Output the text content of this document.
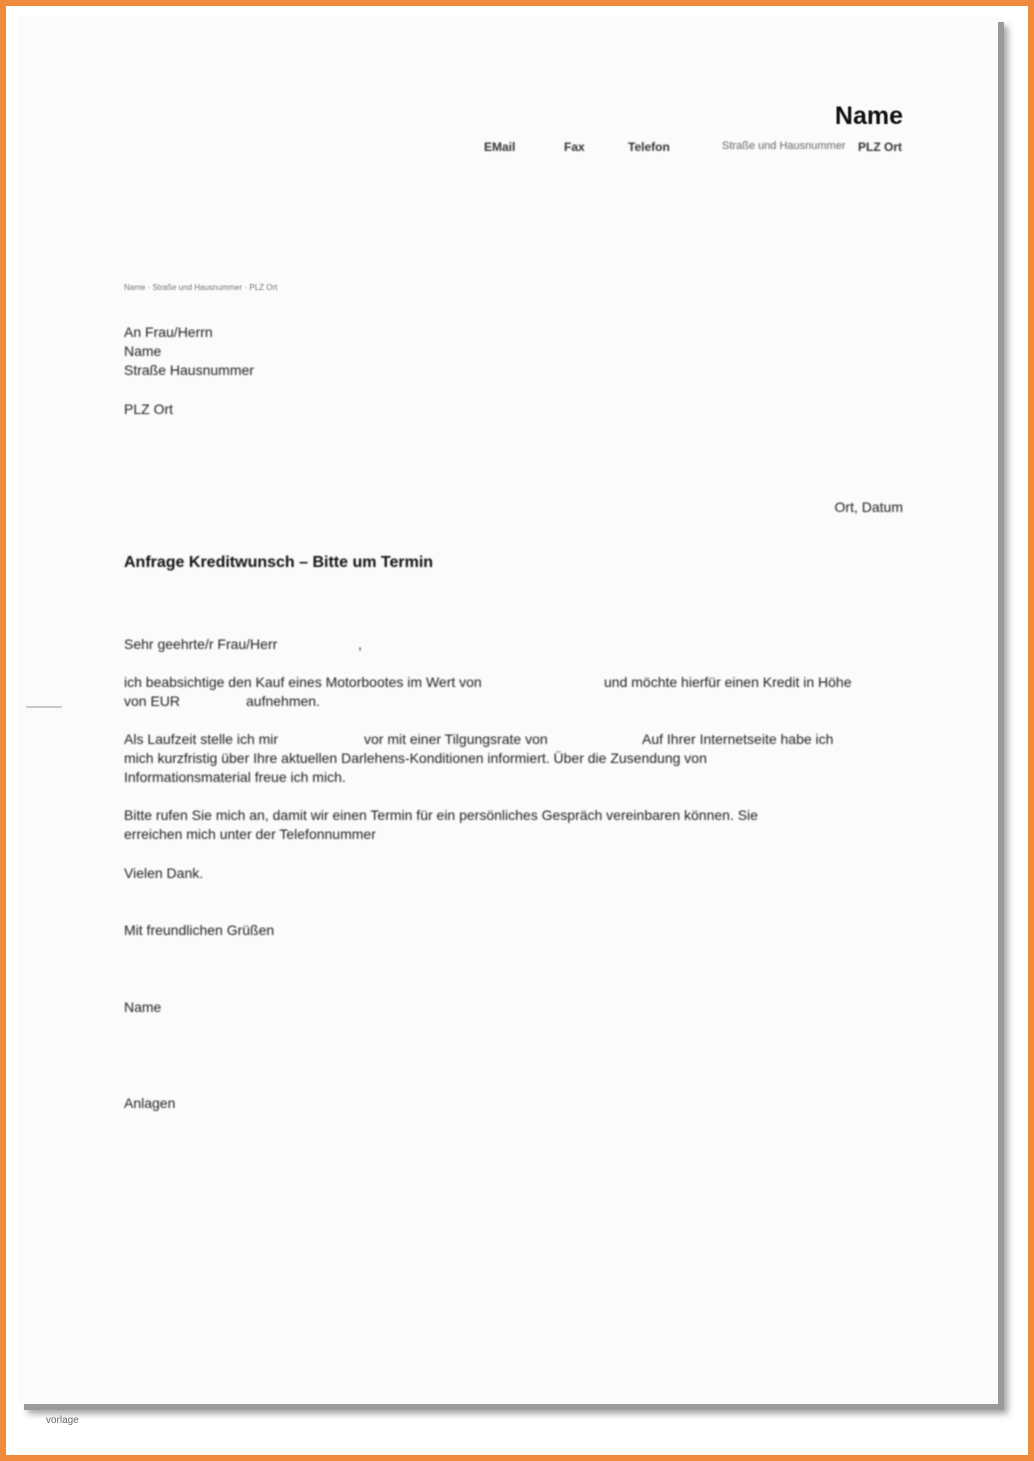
Name
EMail	Fax	Telefon	Straße und Hausnummer PLZ Ort
Name · Straße und Hausnummer · PLZ Ort
An Frau/Herrn
Name
Straße Hausnummer
PLZ Ort
Ort, Datum
Anfrage Kreditwunsch – Bitte um Termin
Sehr geehrte/r Frau/Herr	,
ich beabsichtige den Kauf eines Motorbootes im Wert von	und möchte hierfür einen Kredit in Höhe
von EUR	aufnehmen.
Als Laufzeit stelle ich mir	vor mit einer Tilgungsrate von	Auf Ihrer Internetseite habe ich
mich kurzfristig über Ihre aktuellen Darlehens-Konditionen informiert. Über die Zusendung von
Informationsmaterial freue ich mich.
Bitte rufen Sie mich an, damit wir einen Termin für ein persönliches Gespräch vereinbaren können. Sie
erreichen mich unter der Telefonnummer
Vielen Dank.
Mit freundlichen Grüßen
Name
Anlagen
vorlage
